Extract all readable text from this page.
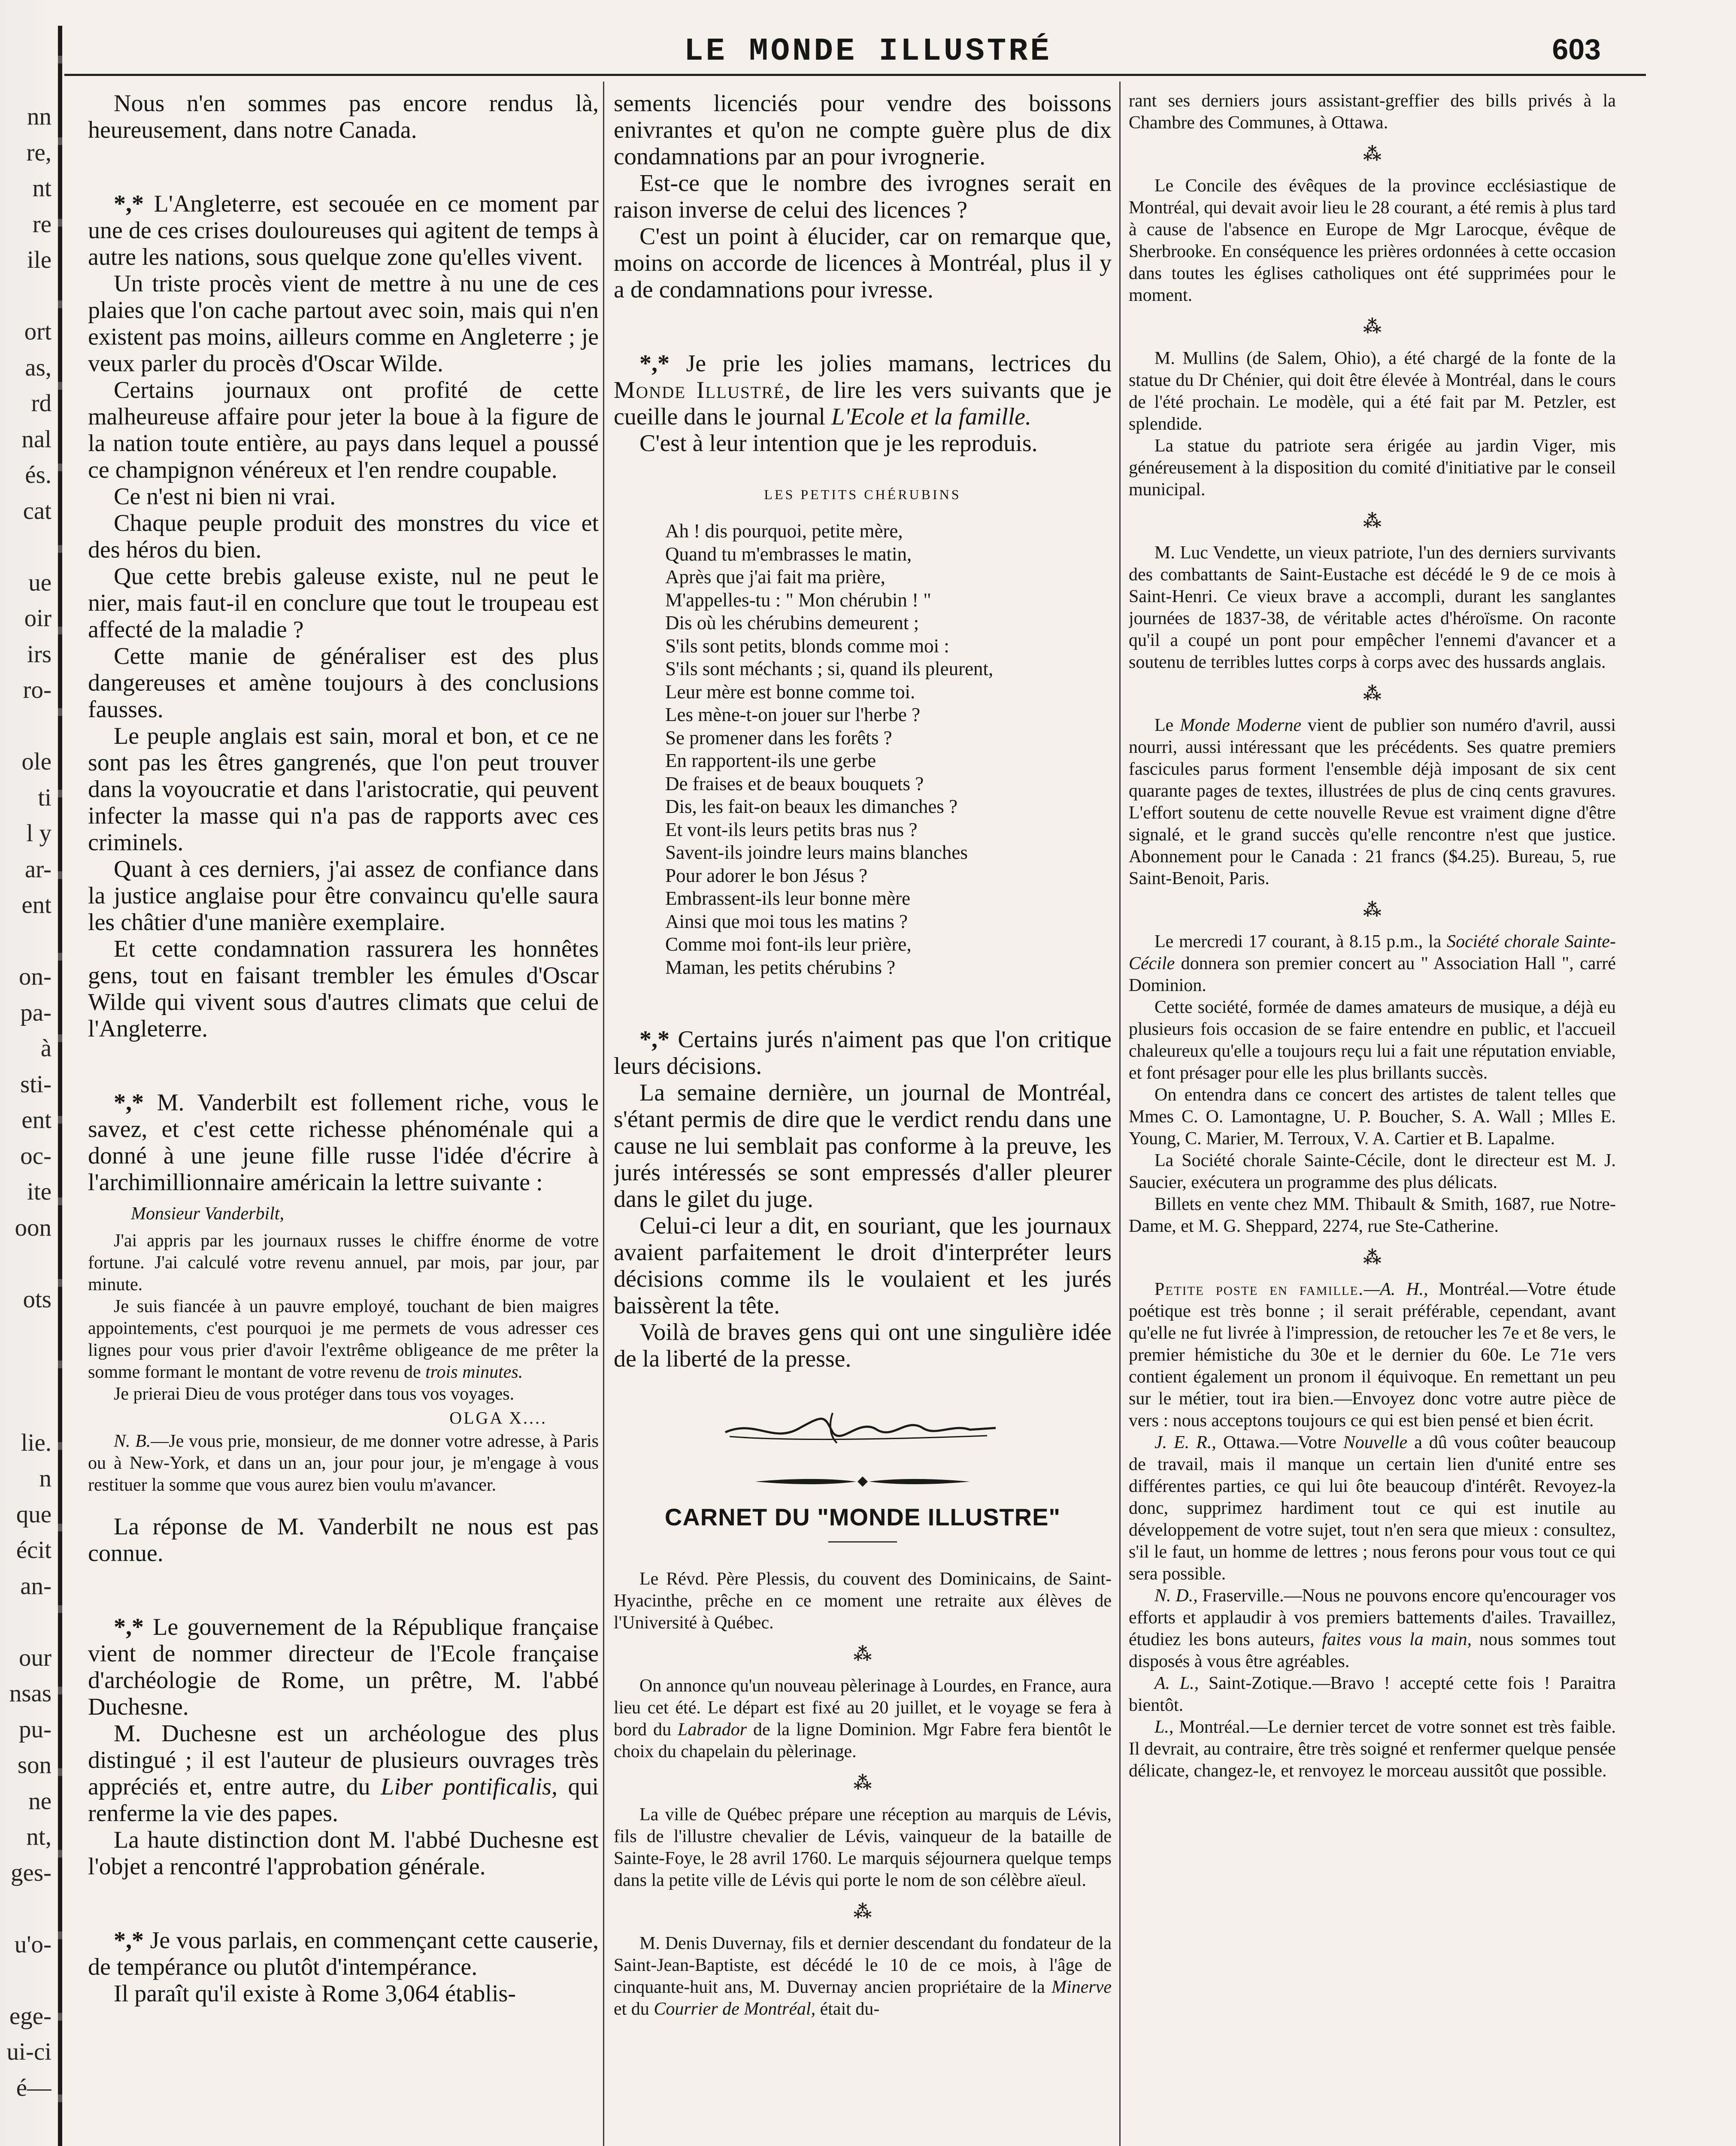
nn
re,
nt
re
ile
ort
as,
rd
nal
és.
cat
ue
oir
irs
ro-
ole
ti
l y
ar-
ent
on-
pa-
à
sti-
ent
oc-
ite
oon
ots
lie.
n
que
écit
an-
our
nsas
pu-
son
ne
nt,
ges-
u'o-
ege-
ui-ci
é—
LE MONDE ILLUSTRÉ	603

Nous n'en sommes pas encore rendus là, heureusement, dans notre Canada.

*,* L'Angleterre, est secouée en ce moment par une de ces crises douloureuses qui agitent de temps à autre les nations, sous quelque zone qu'elles vivent.

Un triste procès vient de mettre à nu une de ces plaies que l'on cache partout avec soin, mais qui n'en existent pas moins, ailleurs comme en Angleterre ; je veux parler du procès d'Oscar Wilde.

Certains journaux ont profité de cette malheureuse affaire pour jeter la boue à la figure de la nation toute entière, au pays dans lequel a poussé ce champignon vénéreux et l'en rendre coupable.

Ce n'est ni bien ni vrai.

Chaque peuple produit des monstres du vice et des héros du bien.

Que cette brebis galeuse existe, nul ne peut le nier, mais faut-il en conclure que tout le troupeau est affecté de la maladie ?

Cette manie de généraliser est des plus dangereuses et amène toujours à des conclusions fausses.

Le peuple anglais est sain, moral et bon, et ce ne sont pas les êtres gangrenés, que l'on peut trouver dans la voyoucratie et dans l'aristocratie, qui peuvent infecter la masse qui n'a pas de rapports avec ces criminels.

Quant à ces derniers, j'ai assez de confiance dans la justice anglaise pour être convaincu qu'elle saura les châtier d'une manière exemplaire.

Et cette condamnation rassurera les honnêtes gens, tout en faisant trembler les émules d'Oscar Wilde qui vivent sous d'autres climats que celui de l'Angleterre.

*,* M. Vanderbilt est follement riche, vous le savez, et c'est cette richesse phénoménale qui a donné à une jeune fille russe l'idée d'écrire à l'archimillionnaire américain la lettre suivante :

Monsieur Vanderbilt,

J'ai appris par les journaux russes le chiffre énorme de votre fortune. J'ai calculé votre revenu annuel, par mois, par jour, par minute.

Je suis fiancée à un pauvre employé, touchant de bien maigres appointements, c'est pourquoi je me permets de vous adresser ces lignes pour vous prier d'avoir l'extrême obligeance de me prêter la somme formant le montant de votre revenu de trois minutes.

Je prierai Dieu de vous protéger dans tous vos voyages.

OLGA X....

N. B.—Je vous prie, monsieur, de me donner votre adresse, à Paris ou à New-York, et dans un an, jour pour jour, je m'engage à vous restituer la somme que vous aurez bien voulu m'avancer.

La réponse de M. Vanderbilt ne nous est pas connue.

*,* Le gouvernement de la République française vient de nommer directeur de l'Ecole française d'archéologie de Rome, un prêtre, M. l'abbé Duchesne.

M. Duchesne est un archéologue des plus distingué ; il est l'auteur de plusieurs ouvrages très appréciés et, entre autre, du Liber pontificalis, qui renferme la vie des papes.

La haute distinction dont M. l'abbé Duchesne est l'objet a rencontré l'approbation générale.

*,* Je vous parlais, en commençant cette causerie, de tempérance ou plutôt d'intempérance.

Il paraît qu'il existe à Rome 3,064 établis-

sements licenciés pour vendre des boissons enivrantes et qu'on ne compte guère plus de dix condamnations par an pour ivrognerie.

Est-ce que le nombre des ivrognes serait en raison inverse de celui des licences ?

C'est un point à élucider, car on remarque que, moins on accorde de licences à Montréal, plus il y a de condamnations pour ivresse.

*,* Je prie les jolies mamans, lectrices du Monde Illustré, de lire les vers suivants que je cueille dans le journal L'Ecole et la famille.

C'est à leur intention que je les reproduis.

LES PETITS CHÉRUBINS
Ah ! dis pourquoi, petite mère,
Quand tu m'embrasses le matin,
Après que j'ai fait ma prière,
M'appelles-tu : " Mon chérubin ! "
Dis où les chérubins demeurent ;
S'ils sont petits, blonds comme moi :
S'ils sont méchants ; si, quand ils pleurent,
Leur mère est bonne comme toi.
Les mène-t-on jouer sur l'herbe ?
Se promener dans les forêts ?
En rapportent-ils une gerbe
De fraises et de beaux bouquets ?
Dis, les fait-on beaux les dimanches ?
Et vont-ils leurs petits bras nus ?
Savent-ils joindre leurs mains blanches
Pour adorer le bon Jésus ?
Embrassent-ils leur bonne mère
Ainsi que moi tous les matins ?
Comme moi font-ils leur prière,
Maman, les petits chérubins ?

*,* Certains jurés n'aiment pas que l'on critique leurs décisions.

La semaine dernière, un journal de Montréal, s'étant permis de dire que le verdict rendu dans une cause ne lui semblait pas conforme à la preuve, les jurés intéressés se sont empressés d'aller pleurer dans le gilet du juge.

Celui-ci leur a dit, en souriant, que les journaux avaient parfaitement le droit d'interpréter leurs décisions comme ils le voulaient et les jurés baissèrent la tête.

Voilà de braves gens qui ont une singulière idée de la liberté de la presse.

CARNET DU "MONDE ILLUSTRE"

Le Révd. Père Plessis, du couvent des Dominicains, de Saint-Hyacinthe, prêche en ce moment une retraite aux élèves de l'Université à Québec.

⁂

On annonce qu'un nouveau pèlerinage à Lourdes, en France, aura lieu cet été. Le départ est fixé au 20 juillet, et le voyage se fera à bord du Labrador de la ligne Dominion. Mgr Fabre fera bientôt le choix du chapelain du pèlerinage.

⁂

La ville de Québec prépare une réception au marquis de Lévis, fils de l'illustre chevalier de Lévis, vainqueur de la bataille de Sainte-Foye, le 28 avril 1760. Le marquis séjournera quelque temps dans la petite ville de Lévis qui porte le nom de son célèbre aïeul.

⁂

M. Denis Duvernay, fils et dernier descendant du fondateur de la Saint-Jean-Baptiste, est décédé le 10 de ce mois, à l'âge de cinquante-huit ans, M. Duvernay ancien propriétaire de la Minerve et du Courrier de Montréal, était du-

rant ses derniers jours assistant-greffier des bills privés à la Chambre des Communes, à Ottawa.

⁂

Le Concile des évêques de la province ecclésiastique de Montréal, qui devait avoir lieu le 28 courant, a été remis à plus tard à cause de l'absence en Europe de Mgr Larocque, évêque de Sherbrooke. En conséquence les prières ordonnées à cette occasion dans toutes les églises catholiques ont été supprimées pour le moment.

⁂

M. Mullins (de Salem, Ohio), a été chargé de la fonte de la statue du Dr Chénier, qui doit être élevée à Montréal, dans le cours de l'été prochain. Le modèle, qui a été fait par M. Petzler, est splendide.

La statue du patriote sera érigée au jardin Viger, mis généreusement à la disposition du comité d'initiative par le conseil municipal.

⁂

M. Luc Vendette, un vieux patriote, l'un des derniers survivants des combattants de Saint-Eustache est décédé le 9 de ce mois à Saint-Henri. Ce vieux brave a accompli, durant les sanglantes journées de 1837-38, de véritable actes d'héroïsme. On raconte qu'il a coupé un pont pour empêcher l'ennemi d'avancer et a soutenu de terribles luttes corps à corps avec des hussards anglais.

⁂

Le Monde Moderne vient de publier son numéro d'avril, aussi nourri, aussi intéressant que les précédents. Ses quatre premiers fascicules parus forment l'ensemble déjà imposant de six cent quarante pages de textes, illustrées de plus de cinq cents gravures. L'effort soutenu de cette nouvelle Revue est vraiment digne d'être signalé, et le grand succès qu'elle rencontre n'est que justice. Abonnement pour le Canada : 21 francs ($4.25). Bureau, 5, rue Saint-Benoit, Paris.

⁂

Le mercredi 17 courant, à 8.15 p.m., la Société chorale Sainte-Cécile donnera son premier concert au " Association Hall ", carré Dominion.

Cette société, formée de dames amateurs de musique, a déjà eu plusieurs fois occasion de se faire entendre en public, et l'accueil chaleureux qu'elle a toujours reçu lui a fait une réputation enviable, et font présager pour elle les plus brillants succès.

On entendra dans ce concert des artistes de talent telles que Mmes C. O. Lamontagne, U. P. Boucher, S. A. Wall ; Mlles E. Young, C. Marier, M. Terroux, V. A. Cartier et B. Lapalme.

La Société chorale Sainte-Cécile, dont le directeur est M. J. Saucier, exécutera un programme des plus délicats.

Billets en vente chez MM. Thibault & Smith, 1687, rue Notre-Dame, et M. G. Sheppard, 2274, rue Ste-Catherine.

⁂

Petite poste en famille.—A. H., Montréal.—Votre étude poétique est très bonne ; il serait préférable, cependant, avant qu'elle ne fut livrée à l'impression, de retoucher les 7e et 8e vers, le premier hémistiche du 30e et le dernier du 60e. Le 71e vers contient également un pronom il équivoque. En remettant un peu sur le métier, tout ira bien.—Envoyez donc votre autre pièce de vers : nous acceptons toujours ce qui est bien pensé et bien écrit.

J. E. R., Ottawa.—Votre Nouvelle a dû vous coûter beaucoup de travail, mais il manque un certain lien d'unité entre ses différentes parties, ce qui lui ôte beaucoup d'intérêt. Revoyez-la donc, supprimez hardiment tout ce qui est inutile au développement de votre sujet, tout n'en sera que mieux : consultez, s'il le faut, un homme de lettres ; nous ferons pour vous tout ce qui sera possible.

N. D., Fraserville.—Nous ne pouvons encore qu'encourager vos efforts et applaudir à vos premiers battements d'ailes. Travaillez, étudiez les bons auteurs, faites vous la main, nous sommes tout disposés à vous être agréables.

A. L., Saint-Zotique.—Bravo ! accepté cette fois ! Paraitra bientôt.

L., Montréal.—Le dernier tercet de votre sonnet est très faible. Il devrait, au contraire, être très soigné et renfermer quelque pensée délicate, changez-le, et renvoyez le morceau aussitôt que possible.
